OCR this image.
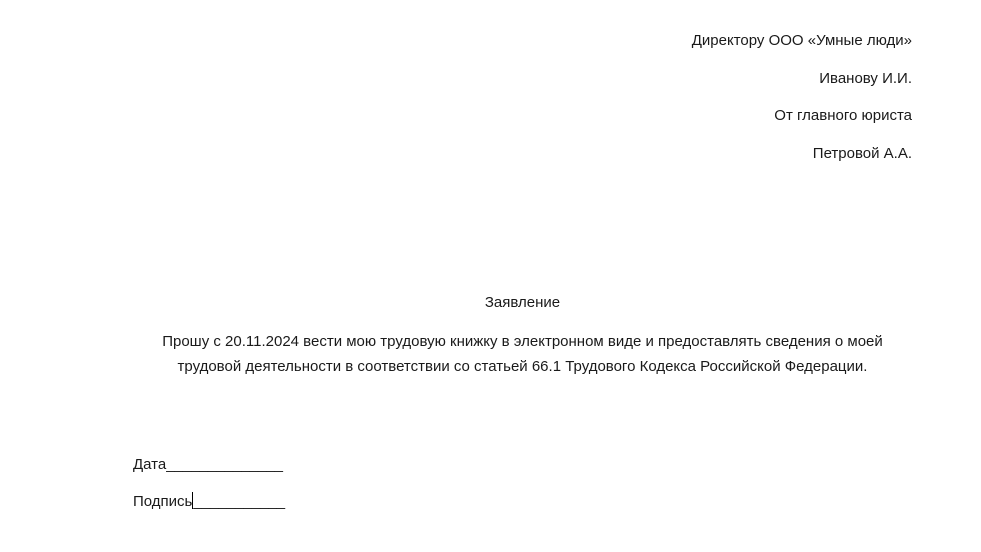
Директору ООО «Умные люди»
Иванову И.И.
От главного юриста
Петровой А.А.
Заявление
Прошу с 20.11.2024 вести мою трудовую книжку в электронном виде и предоставлять сведения о моей трудовой деятельности в соответствии со статьей 66.1 Трудового Кодекса Российской Федерации.
Дата______________
Подпись___________
